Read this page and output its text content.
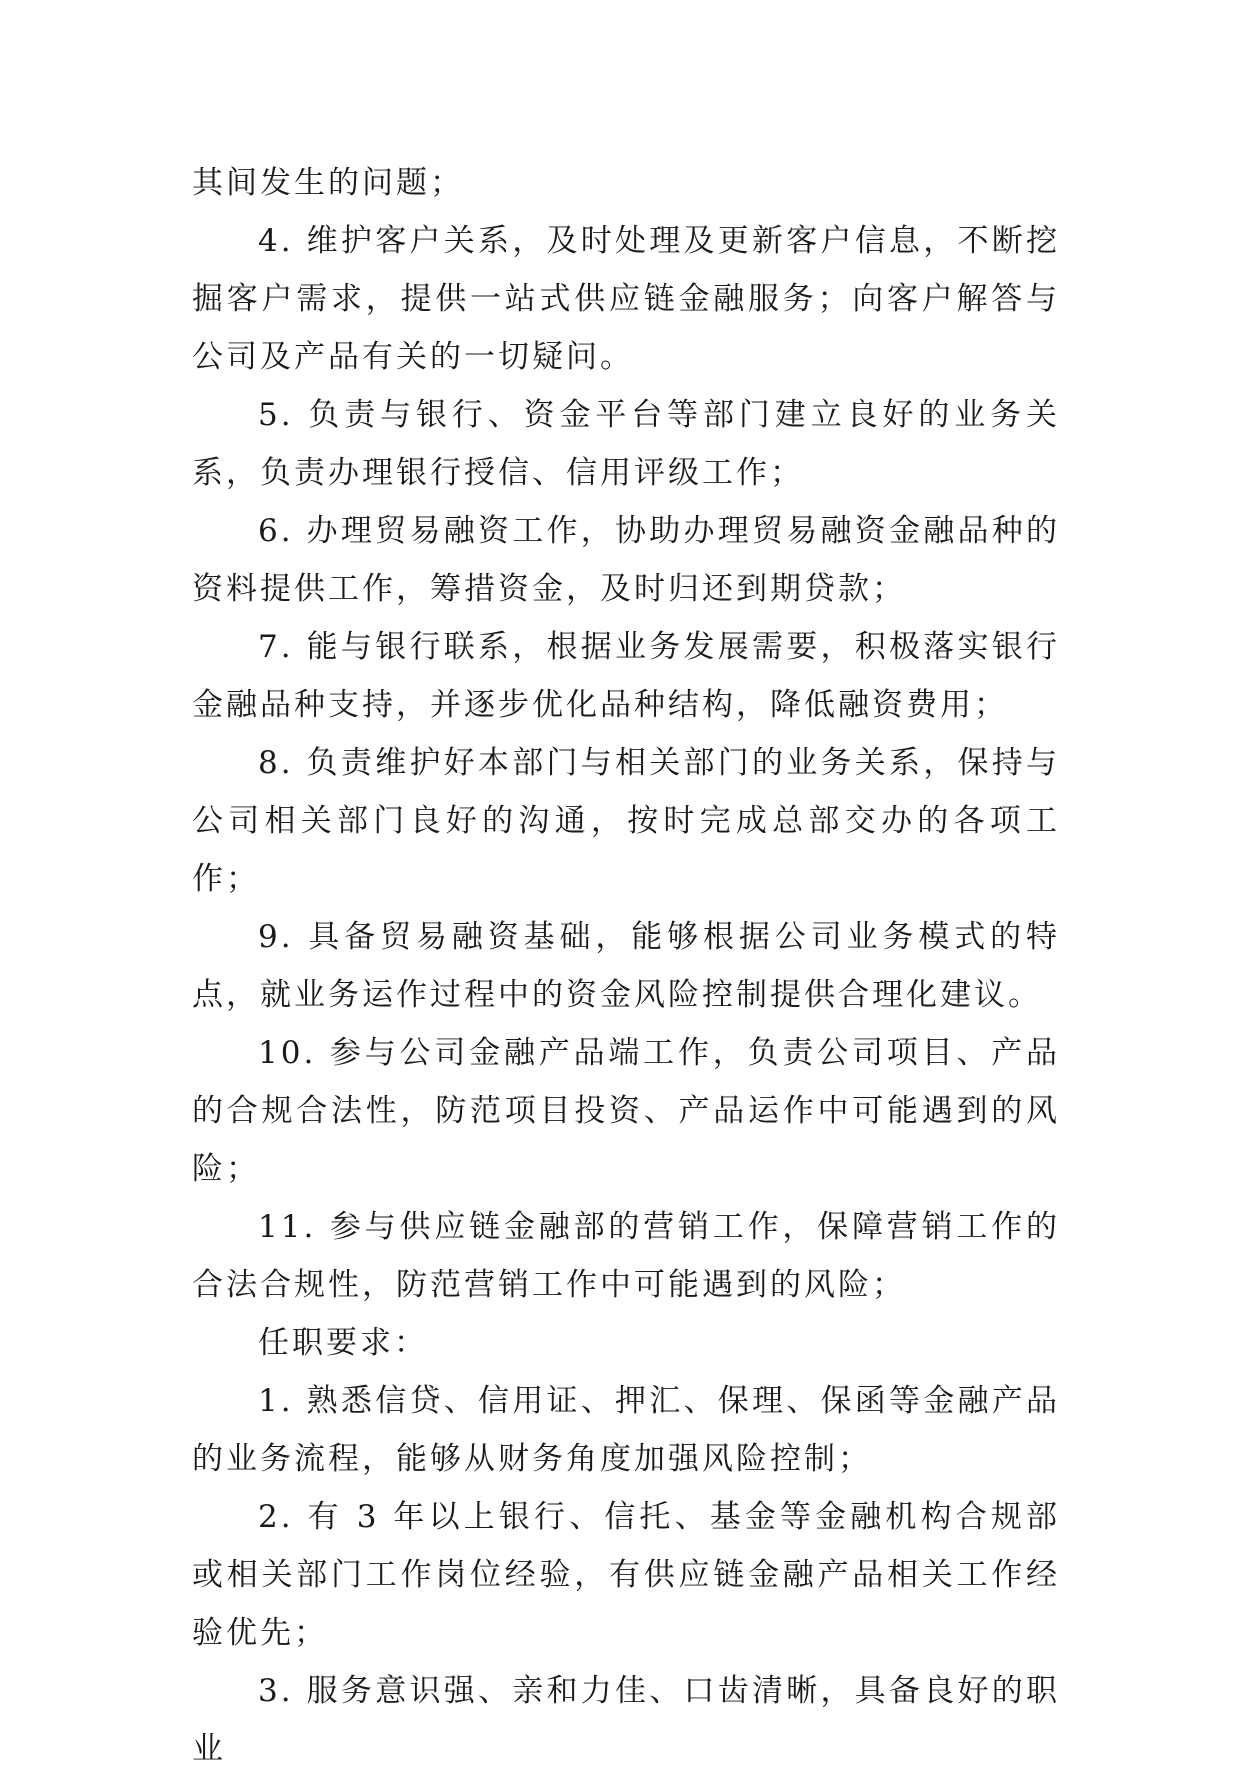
其间发生的问题；

4. 维护客户关系，及时处理及更新客户信息，不断挖掘客户需求，提供一站式供应链金融服务；向客户解答与公司及产品有关的一切疑问。

5. 负责与银行、资金平台等部门建立良好的业务关系，负责办理银行授信、信用评级工作；

6. 办理贸易融资工作，协助办理贸易融资金融品种的资料提供工作，筹措资金，及时归还到期贷款；

7. 能与银行联系，根据业务发展需要，积极落实银行金融品种支持，并逐步优化品种结构，降低融资费用；

8. 负责维护好本部门与相关部门的业务关系，保持与公司相关部门良好的沟通，按时完成总部交办的各项工作；

9. 具备贸易融资基础，能够根据公司业务模式的特点，就业务运作过程中的资金风险控制提供合理化建议。

10. 参与公司金融产品端工作，负责公司项目、产品的合规合法性，防范项目投资、产品运作中可能遇到的风险；

11. 参与供应链金融部的营销工作，保障营销工作的合法合规性，防范营销工作中可能遇到的风险；

任职要求：

1. 熟悉信贷、信用证、押汇、保理、保函等金融产品的业务流程，能够从财务角度加强风险控制；

2. 有 3 年以上银行、信托、基金等金融机构合规部或相关部门工作岗位经验，有供应链金融产品相关工作经验优先；

3. 服务意识强、亲和力佳、口齿清晰，具备良好的职业
